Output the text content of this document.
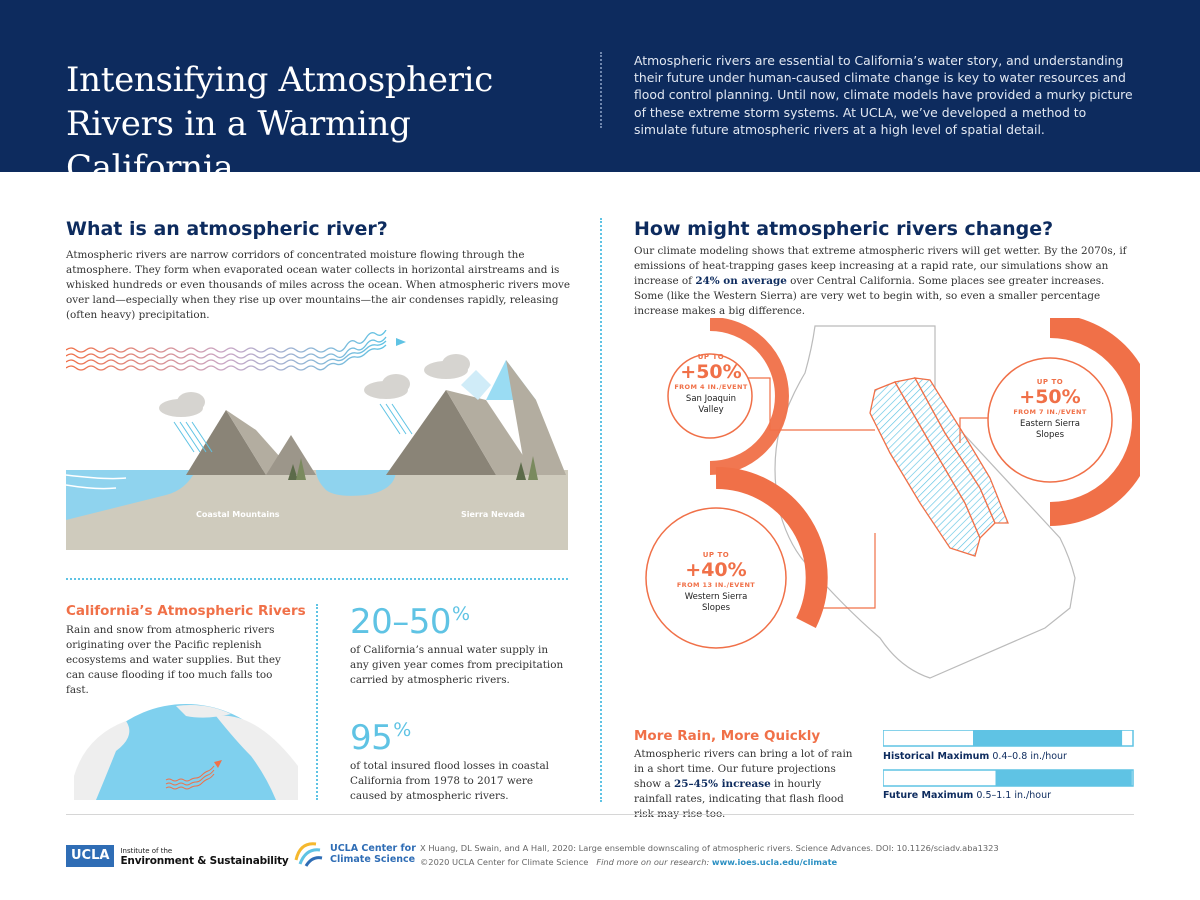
Intensifying Atmospheric Rivers in a Warming California
Atmospheric rivers are essential to California’s water story, and understanding their future under human-caused climate change is key to water resources and flood control planning. Until now, climate models have provided a murky picture of these extreme storm systems. At UCLA, we’ve developed a method to simulate future atmospheric rivers at a high level of spatial detail.
What is an atmospheric river?
Atmospheric rivers are narrow corridors of concentrated moisture flowing through the atmosphere. They form when evaporated ocean water collects in horizontal airstreams and is whisked hundreds or even thousands of miles across the ocean. When atmospheric rivers move over land—especially when they rise up over mountains—the air condenses rapidly, releasing (often heavy) precipitation.
Coastal Mountains	Sierra Nevada
California’s Atmospheric Rivers
Rain and snow from atmospheric rivers originating over the Pacific replenish ecosystems and water supplies. But they can cause flooding if too much falls too fast.
20–50%
of California’s annual water supply in any given year comes from precipitation carried by atmospheric rivers.
95%
of total insured flood losses in coastal California from 1978 to 2017 were caused by atmospheric rivers.
How might atmospheric rivers change?
Our climate modeling shows that extreme atmospheric rivers will get wetter. By the 2070s, if emissions of heat-trapping gases keep increasing at a rapid rate, our simulations show an increase of 24% on average over Central California. Some places see greater increases. Some (like the Western Sierra) are very wet to begin with, so even a smaller percentage increase makes a big difference.
UP TO
+50%
FROM 4 IN./EVENT
San Joaquin
Valley
UP TO
+50%
FROM 7 IN./EVENT
Eastern Sierra
Slopes
UP TO
+40%
FROM 13 IN./EVENT
Western Sierra
Slopes
More Rain, More Quickly
Atmospheric rivers can bring a lot of rain in a short time. Our future projections show a 25–45% increase in hourly rainfall rates, indicating that flash flood risk may rise too.
Historical Maximum 0.4–0.8 in./hour
Future Maximum 0.5–1.1 in./hour
UCLA	Institute of the
Environment & Sustainability
UCLA Center for
Climate Science
X Huang, DL Swain, and A Hall, 2020: Large ensemble downscaling of atmospheric rivers. Science Advances. DOI: 10.1126/sciadv.aba1323
©2020 UCLA Center for Climate Science Find more on our research: www.ioes.ucla.edu/climate
